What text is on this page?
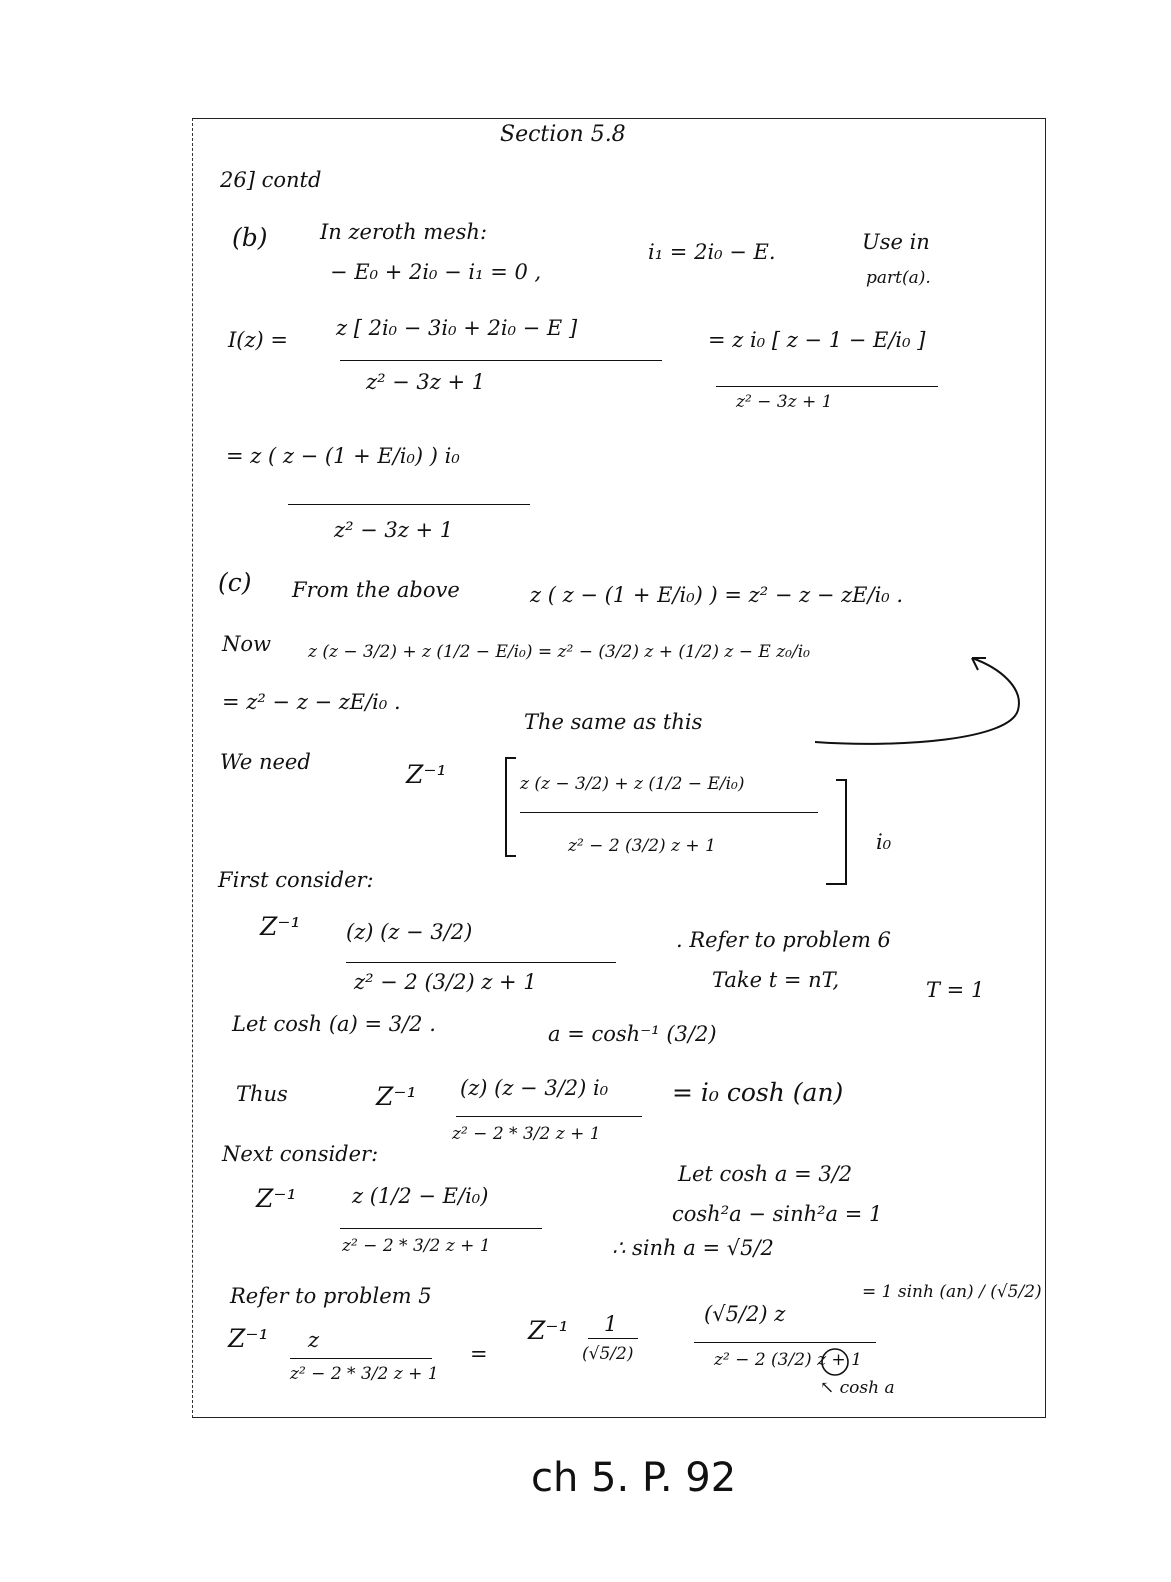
Section 5.8
26] contd
(b) In zeroth mesh:
− E₀ + 2i₀ − i₁ = 0 ,
i₁ = 2i₀ − E.	Use in
part(a).
I(z) = z [ 2i₀ − 3i₀ + 2i₀ − E ]
z² − 3z + 1
= z i₀ [ z − 1 − E/i₀ ]
z² − 3z + 1
= z ( z − (1 + E/i₀) ) i₀
z² − 3z + 1
(c) From the above	z ( z − (1 + E/i₀) ) = z² − z − zE/i₀ .
Now z (z − 3/2) + z (1/2 − E/i₀) = z² − (3/2) z + (1/2) z − E z₀/i₀
= z² − z − zE/i₀ .
The same as this
We need	Z⁻¹	z (z − 3/2) + z (1/2 − E/i₀)
z² − 2 (3/2) z + 1	i₀
First consider:
Z⁻¹ (z) (z − 3/2)
z² − 2 (3/2) z + 1
. Refer to problem 6
Take t = nT,	T = 1
Let cosh (a) = 3/2 .	a = cosh⁻¹ (3/2)
Thus	Z⁻¹ (z) (z − 3/2) i₀
z² − 2 * 3/2 z + 1
= i₀ cosh (an)
Next consider:
Z⁻¹	z (1/2 − E/i₀)
z² − 2 * 3/2 z + 1
Let cosh a = 3/2
cosh²a − sinh²a = 1
∴ sinh a = √5/2
Refer to problem 5
Z⁻¹ z
z² − 2 * 3/2 z + 1
=
Z⁻¹ 1
(√5/2)
(√5/2) z
z² − 2 (3/2) z + 1
= 1 sinh (an) / (√5/2)
↖ cosh a
ch 5. P. 92
